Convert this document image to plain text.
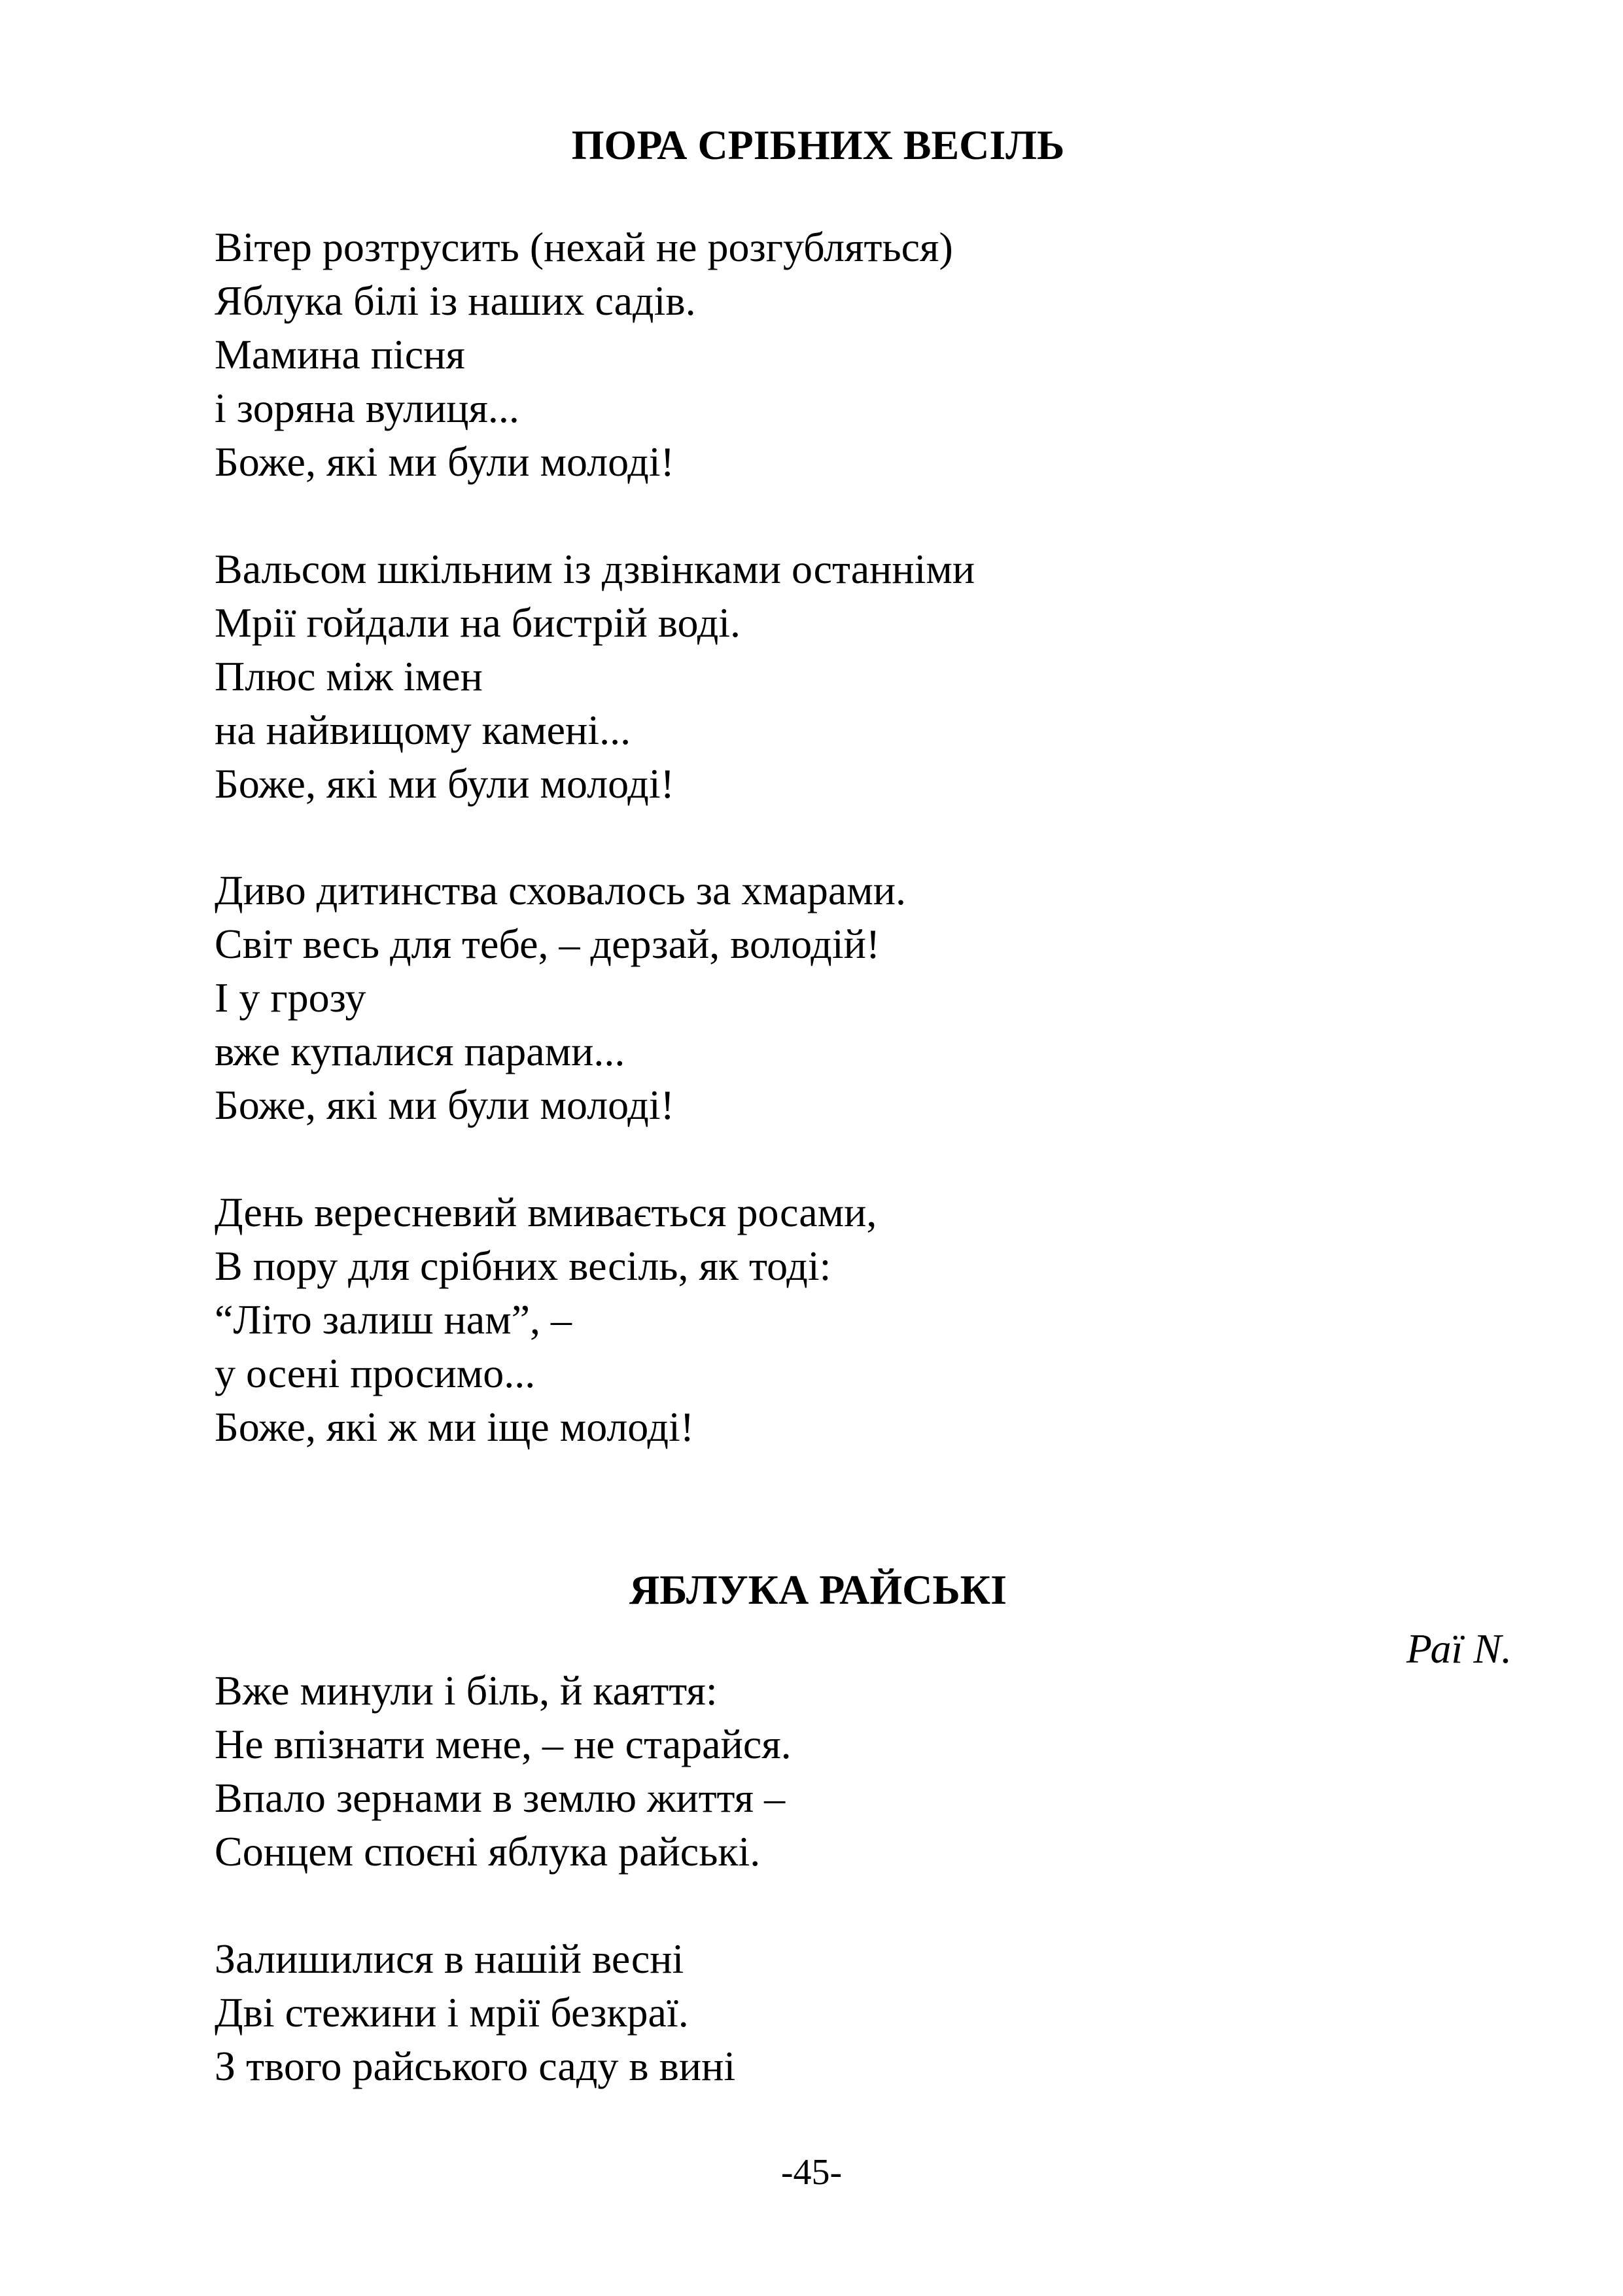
ПОРА СРІБНИХ ВЕСІЛЬ
Вітер розтрусить (нехай не розгубляться)
Яблука білі із наших садів.
Мамина пісня
і зоряна вулиця...
Боже, які ми були молоді!
Вальсом шкільним із дзвінками останніми
Мрії гойдали на бистрій воді.
Плюс між імен
на найвищому камені...
Боже, які ми були молоді!
Диво дитинства сховалось за хмарами.
Світ весь для тебе, – дерзай, володій!
І у грозу
вже купалися парами...
Боже, які ми були молоді!
День вересневий вмивається росами,
В пору для срібних весіль, як тоді:
“Літо залиш нам”, –
у осені просимо...
Боже, які ж ми іще молоді!
ЯБЛУКА РАЙСЬКІ
Раї N.
Вже минули і біль, й каяття:
Не впізнати мене, – не старайся.
Впало зернами в землю життя –
Сонцем споєні яблука райські.
Залишилися в нашій весні
Дві стежини і мрії безкраї.
З твого райського саду в вині
-45-
